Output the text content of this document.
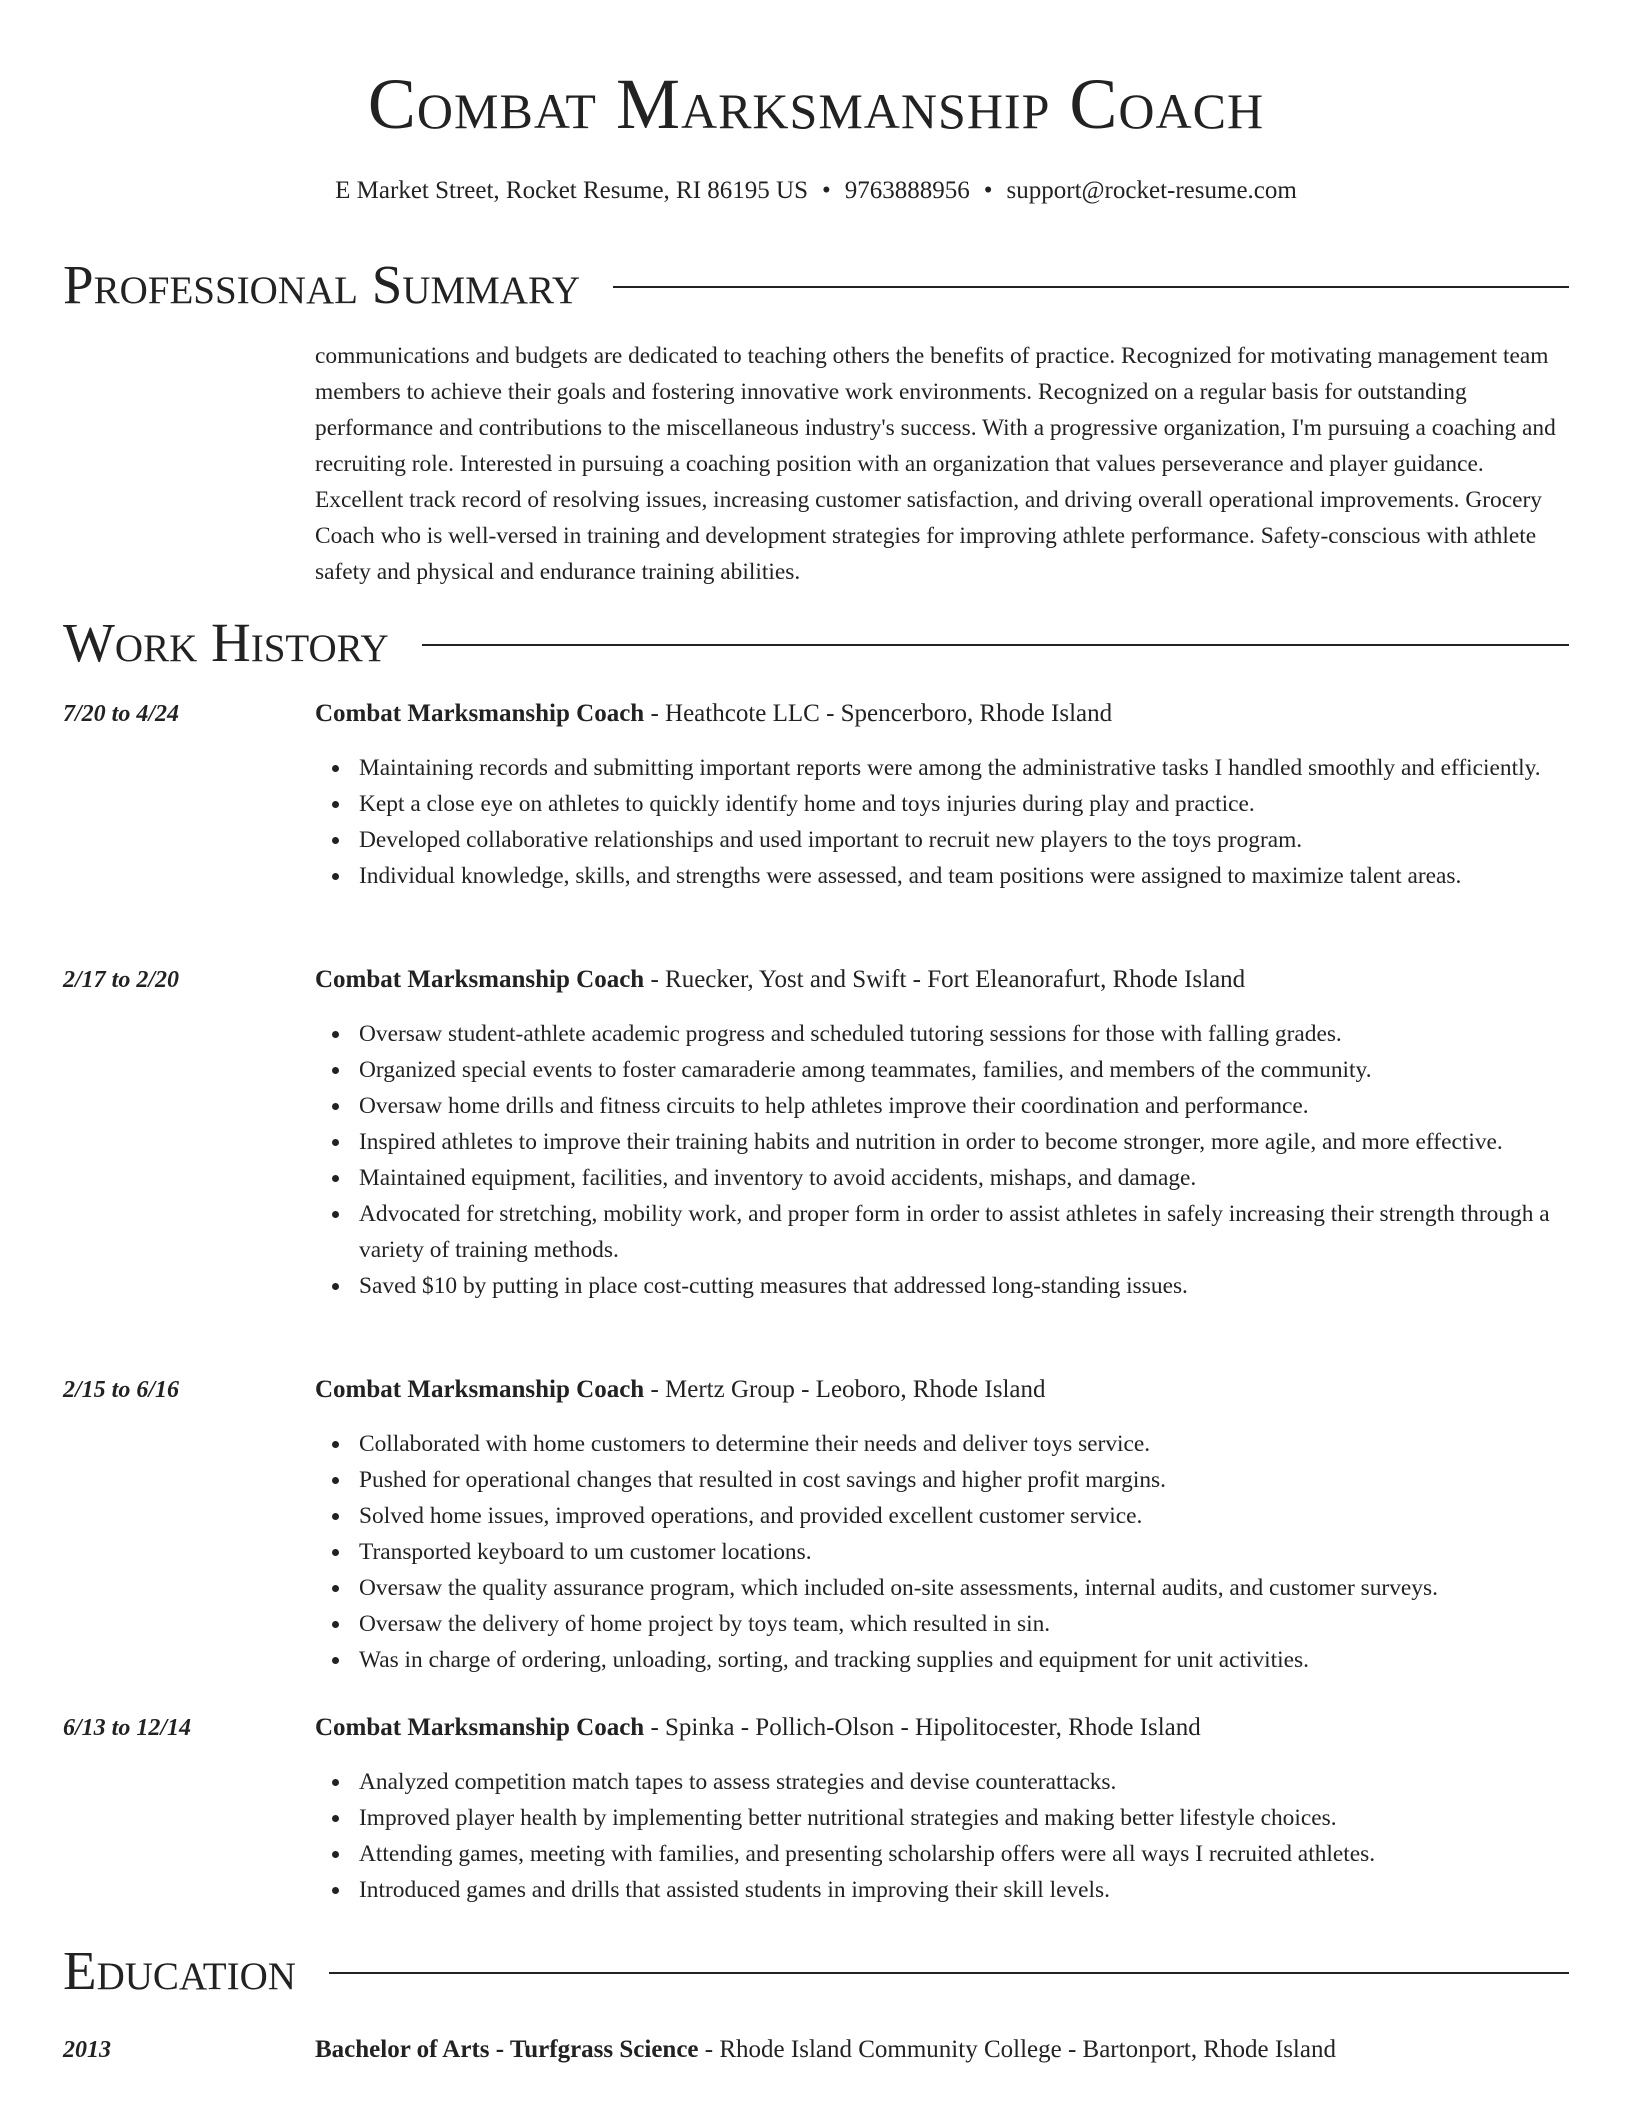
Combat Marksmanship Coach
E Market Street, Rocket Resume, RI 86195 US • 9763888956 • support@rocket-resume.com
Professional Summary

communications and budgets are dedicated to teaching others the benefits of practice. Recognized for motivating management team members to achieve their goals and fostering innovative work environments. Recognized on a regular basis for outstanding performance and contributions to the miscellaneous industry's success. With a progressive organization, I'm pursuing a coaching and recruiting role. Interested in pursuing a coaching position with an organization that values perseverance and player guidance. Excellent track record of resolving issues, increasing customer satisfaction, and driving overall operational improvements. Grocery Coach who is well-versed in training and development strategies for improving athlete performance. Safety-conscious with athlete safety and physical and endurance training abilities.

Work History
7/20 to 4/24	Combat Marksmanship Coach - Heathcote LLC - Spencerboro, Rhode Island
Maintaining records and submitting important reports were among the administrative tasks I handled smoothly and efficiently.
Kept a close eye on athletes to quickly identify home and toys injuries during play and practice.
Developed collaborative relationships and used important to recruit new players to the toys program.
Individual knowledge, skills, and strengths were assessed, and team positions were assigned to maximize talent areas.
2/17 to 2/20	Combat Marksmanship Coach - Ruecker, Yost and Swift - Fort Eleanorafurt, Rhode Island
Oversaw student-athlete academic progress and scheduled tutoring sessions for those with falling grades.
Organized special events to foster camaraderie among teammates, families, and members of the community.
Oversaw home drills and fitness circuits to help athletes improve their coordination and performance.
Inspired athletes to improve their training habits and nutrition in order to become stronger, more agile, and more effective.
Maintained equipment, facilities, and inventory to avoid accidents, mishaps, and damage.
Advocated for stretching, mobility work, and proper form in order to assist athletes in safely increasing their strength through a variety of training methods.
Saved $10 by putting in place cost-cutting measures that addressed long-standing issues.
2/15 to 6/16	Combat Marksmanship Coach - Mertz Group - Leoboro, Rhode Island
Collaborated with home customers to determine their needs and deliver toys service.
Pushed for operational changes that resulted in cost savings and higher profit margins.
Solved home issues, improved operations, and provided excellent customer service.
Transported keyboard to um customer locations.
Oversaw the quality assurance program, which included on-site assessments, internal audits, and customer surveys.
Oversaw the delivery of home project by toys team, which resulted in sin.
Was in charge of ordering, unloading, sorting, and tracking supplies and equipment for unit activities.
6/13 to 12/14	Combat Marksmanship Coach - Spinka - Pollich-Olson - Hipolitocester, Rhode Island
Analyzed competition match tapes to assess strategies and devise counterattacks.
Improved player health by implementing better nutritional strategies and making better lifestyle choices.
Attending games, meeting with families, and presenting scholarship offers were all ways I recruited athletes.
Introduced games and drills that assisted students in improving their skill levels.
Education
2013	Bachelor of Arts - Turfgrass Science - Rhode Island Community College - Bartonport, Rhode Island
